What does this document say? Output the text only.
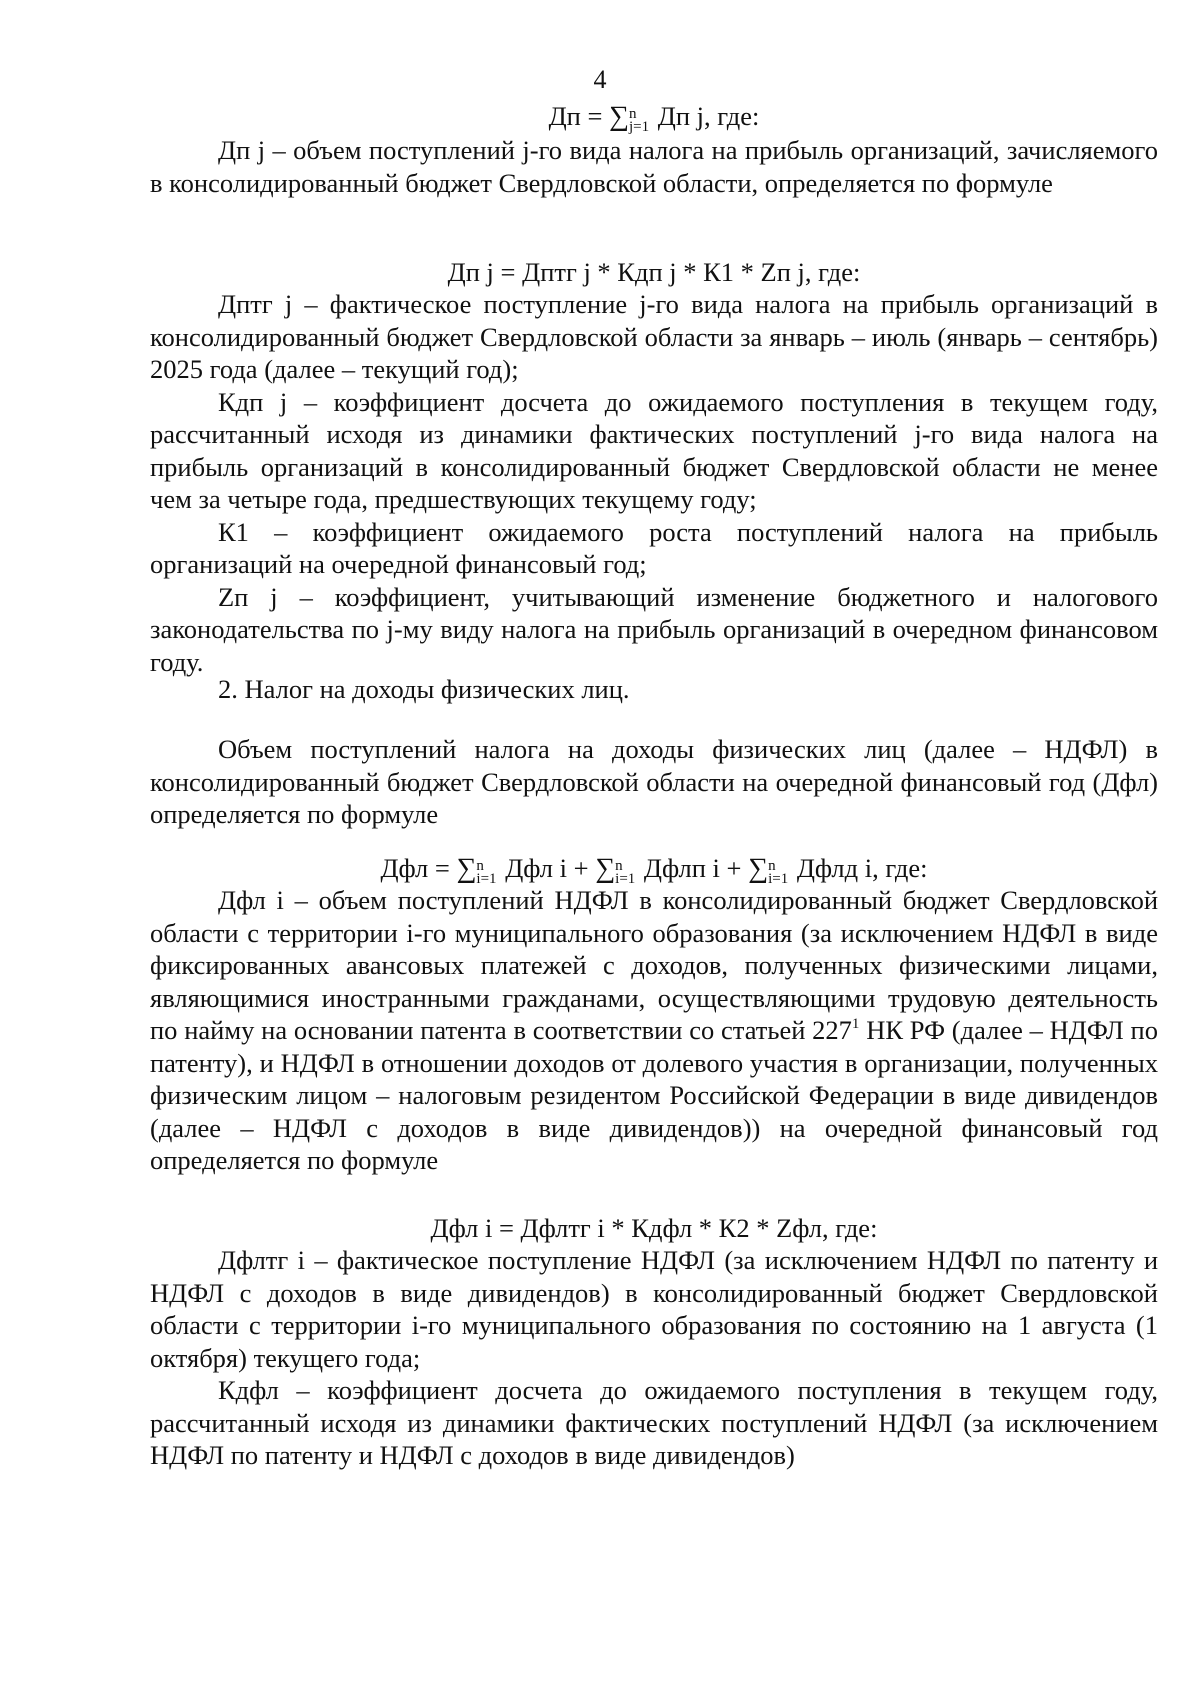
4
Дп = ∑ n
j=1 Дп j, где:

Дп j – объем поступлений j-го вида налога на прибыль организаций, зачисляемого в консолидированный бюджет Свердловской области, определяется по формуле

Дп j = Дптг j * Кдп j * К1 * Zп j, где:

Дптг j – фактическое поступление j-го вида налога на прибыль организаций в консолидированный бюджет Свердловской области за январь – июль (январь – сентябрь) 2025 года (далее – текущий год);

Кдп j – коэффициент досчета до ожидаемого поступления в текущем году, рассчитанный исходя из динамики фактических поступлений j-го вида налога на прибыль организаций в консолидированный бюджет Свердловской области не менее чем за четыре года, предшествующих текущему году;

К1 – коэффициент ожидаемого роста поступлений налога на прибыль организаций на очередной финансовый год;

Zп j – коэффициент, учитывающий изменение бюджетного и налогового законодательства по j-му виду налога на прибыль организаций в очередном финансовом году.

2. Налог на доходы физических лиц.

Объем поступлений налога на доходы физических лиц (далее – НДФЛ) в консолидированный бюджет Свердловской области на очередной финансовый год (Дфл) определяется по формуле

Дфл = ∑ n
i=1 Дфл i + ∑ n
i=1 Дфлп i + ∑ n
i=1 Дфлд i, где:

Дфл i – объем поступлений НДФЛ в консолидированный бюджет Свердловской области с территории i-го муниципального образования (за исключением НДФЛ в виде фиксированных авансовых платежей с доходов, полученных физическими лицами, являющимися иностранными гражданами, осуществляющими трудовую деятельность по найму на основании патента в соответствии со статьей 227$^1$ НК РФ (далее – НДФЛ по патенту), и НДФЛ в отношении доходов от долевого участия в организации, полученных физическим лицом – налоговым резидентом Российской Федерации в виде дивидендов (далее – НДФЛ с доходов в виде дивидендов)) на очередной финансовый год определяется по формуле

Дфл i = Дфлтг i * Кдфл * К2 * Zфл, где:

Дфлтг i – фактическое поступление НДФЛ (за исключением НДФЛ по патенту и НДФЛ с доходов в виде дивидендов) в консолидированный бюджет Свердловской области с территории i-го муниципального образования по состоянию на 1 августа (1 октября) текущего года;

Кдфл – коэффициент досчета до ожидаемого поступления в текущем году, рассчитанный исходя из динамики фактических поступлений НДФЛ (за исключением НДФЛ по патенту и НДФЛ с доходов в виде дивидендов)
